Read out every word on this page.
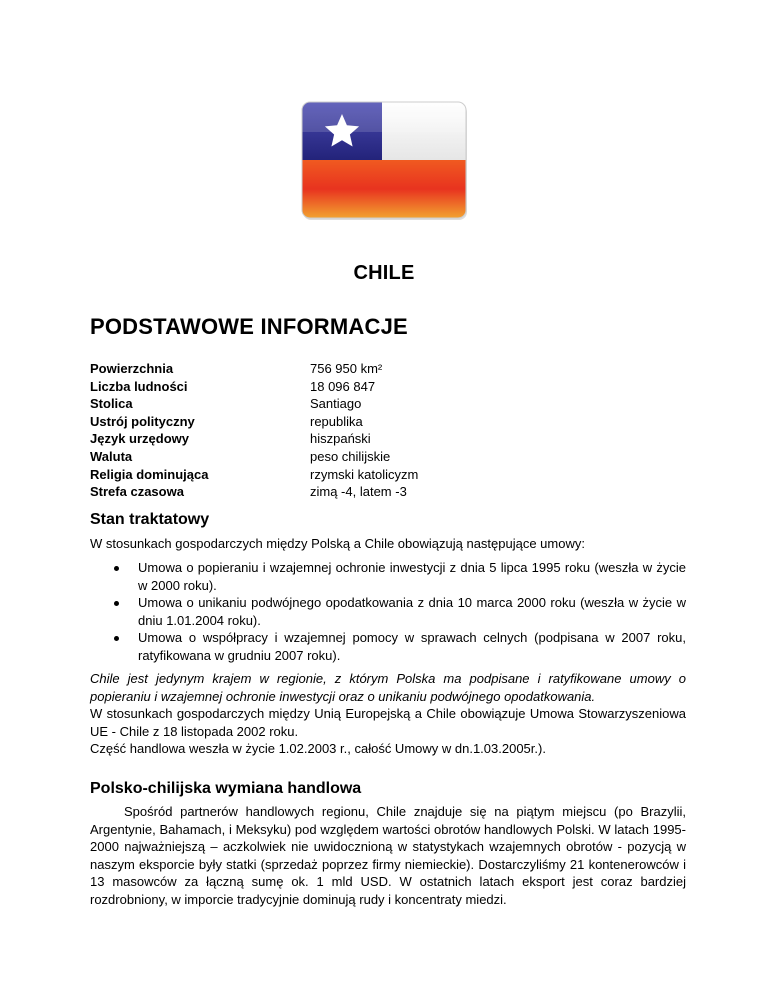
CHILE
PODSTAWOWE INFORMACJE
Powierzchnia	756 950 km²
Liczba ludności	18 096 847
Stolica	Santiago
Ustrój polityczny	republika
Język urzędowy	hiszpański
Waluta	peso chilijskie
Religia dominująca	rzymski katolicyzm
Strefa czasowa	zimą -4, latem -3
Stan traktatowy

W stosunkach gospodarczych między Polską a Chile obowiązują następujące umowy:

Umowa o popieraniu i wzajemnej ochronie inwestycji z dnia 5 lipca 1995 roku (weszła w życie w 2000 roku).
Umowa o unikaniu podwójnego opodatkowania z dnia 10 marca 2000 roku (weszła w życie w dniu 1.01.2004 roku).
Umowa o współpracy i wzajemnej pomocy w sprawach celnych (podpisana w 2007 roku, ratyfikowana w grudniu 2007 roku).

Chile jest jedynym krajem w regionie, z którym Polska ma podpisane i ratyfikowane umowy o popieraniu i wzajemnej ochronie inwestycji oraz o unikaniu podwójnego opodatkowania.

W stosunkach gospodarczych między Unią Europejską a Chile obowiązuje Umowa Stowarzyszeniowa UE - Chile z 18 listopada 2002 roku.

Część handlowa weszła w życie 1.02.2003 r., całość Umowy w dn.1.03.2005r.).

Polsko-chilijska wymiana handlowa

Spośród partnerów handlowych regionu, Chile znajduje się na piątym miejscu (po Brazylii, Argentynie, Bahamach, i Meksyku) pod względem wartości obrotów handlowych Polski. W latach 1995-2000 najważniejszą – aczkolwiek nie uwidocznioną w statystykach wzajemnych obrotów - pozycją w naszym eksporcie były statki (sprzedaż poprzez firmy niemieckie). Dostarczyliśmy 21 kontenerowców i 13 masowców za łączną sumę ok. 1 mld USD. W ostatnich latach eksport jest coraz bardziej rozdrobniony, w imporcie tradycyjnie dominują rudy i koncentraty miedzi.
